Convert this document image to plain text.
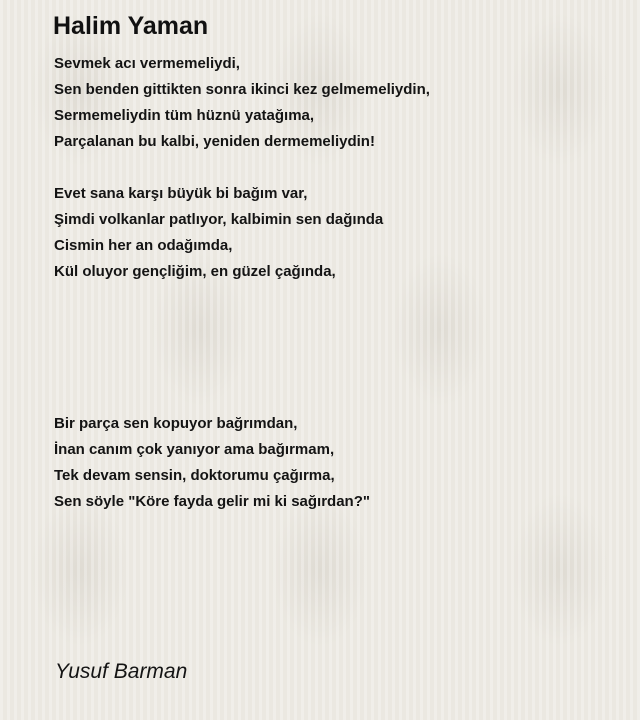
Halim Yaman
Sevmek acı vermemeliydi,
Sen benden gittikten sonra ikinci kez gelmemeliydin,
Sermemeliydin tüm hüznü yatağıma,
Parçalanan bu kalbi, yeniden dermemeliydin!
Evet sana karşı büyük bi bağım var,
Şimdi volkanlar patlıyor, kalbimin sen dağında
Cismin her an odağımda,
Kül oluyor gençliğim, en güzel çağında,
Bir parça sen kopuyor bağrımdan,
İnan canım çok yanıyor ama bağırmam,
Tek devam sensin, doktorumu çağırma,
Sen söyle "Köre fayda gelir mi ki sağırdan?"
Yusuf Barman
